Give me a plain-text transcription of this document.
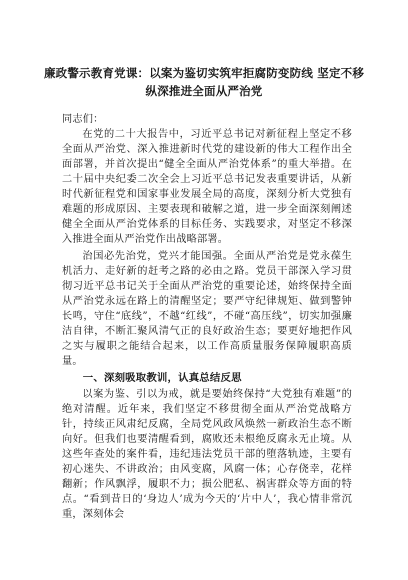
廉政警示教育党课：以案为鉴切实筑牢拒腐防变防线 坚定不移纵深推进全面从严治党

同志们：

在党的二十大报告中，习近平总书记对新征程上坚定不移全面从严治党、深入推进新时代党的建设新的伟大工程作出全面部署，并首次提出“健全全面从严治党体系”的重大举措。在二十届中央纪委二次全会上习近平总书记发表重要讲话，从新时代新征程党和国家事业发展全局的高度，深刻分析大党独有难题的形成原因、主要表现和破解之道，进一步全面深刻阐述健全全面从严治党体系的目标任务、实践要求，对坚定不移深入推进全面从严治党作出战略部署。

治国必先治党，党兴才能国强。全面从严治党是党永葆生机活力、走好新的赶考之路的必由之路。党员干部深入学习贯彻习近平总书记关于全面从严治党的重要论述，始终保持全面从严治党永远在路上的清醒坚定；要严守纪律规矩、做到警钟长鸣，守住“底线”，不越“红线”，不碰“高压线”，切实加强廉洁自律，不断汇聚风清气正的良好政治生态；要更好地把作风之实与履职之能结合起来，以工作高质量服务保障履职高质量。

一、深刻吸取教训，认真总结反思

以案为鉴、引以为戒，就是要始终保持“大党独有难题”的绝对清醒。近年来，我们坚定不移贯彻全面从严治党战略方针，持续正风肃纪反腐，全局党风政风焕然一新政治生态不断向好。但我们也要清醒看到，腐败还未根绝反腐永无止境。从这些年查处的案件看，违纪违法党员干部的堕落轨迹，主要有初心迷失、不讲政治；由风变腐，风腐一体；心存侥幸，花样翻新；作风飘浮，履职不力；损公肥私、祸害群众等方面的特点。“看到昔日的‘身边人’成为今天的‘片中人’，我心情非常沉重，深刻体会
